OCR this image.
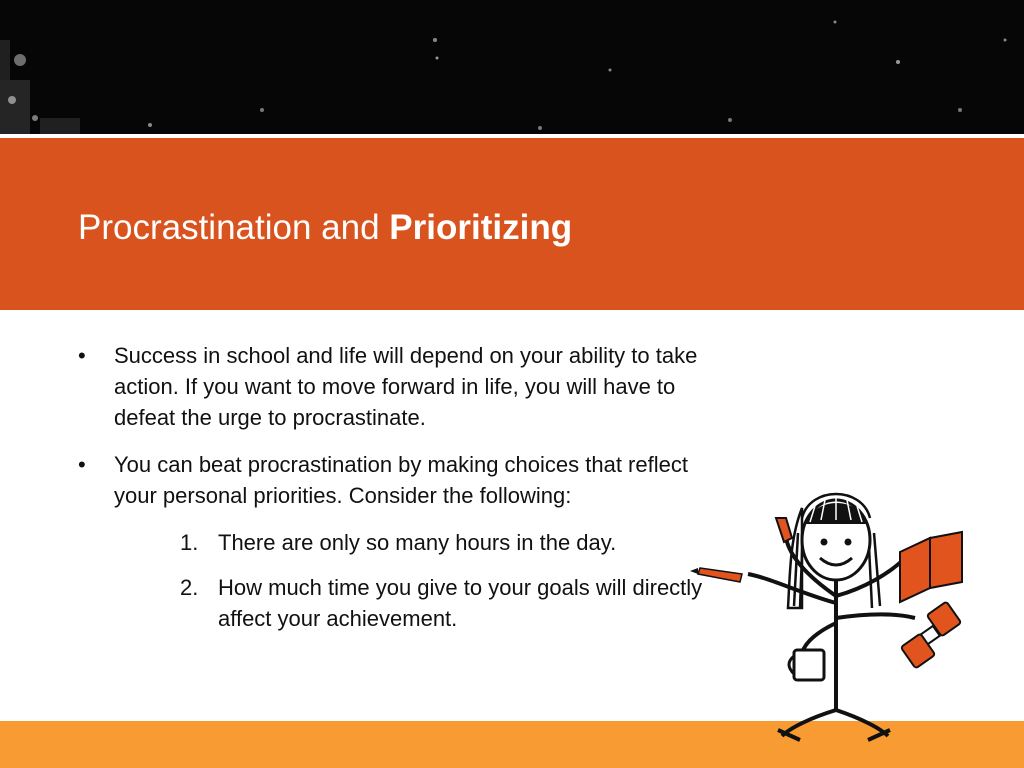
Procrastination and Prioritizing
•	Success in school and life will depend on your ability to take action. If you want to move forward in life, you will have to defeat the urge to procrastinate.
•	You can beat procrastination by making choices that reflect your personal priorities. Consider the following:
1. There are only so many hours in the day.
2. How much time you give to your goals will directly affect your achievement.
